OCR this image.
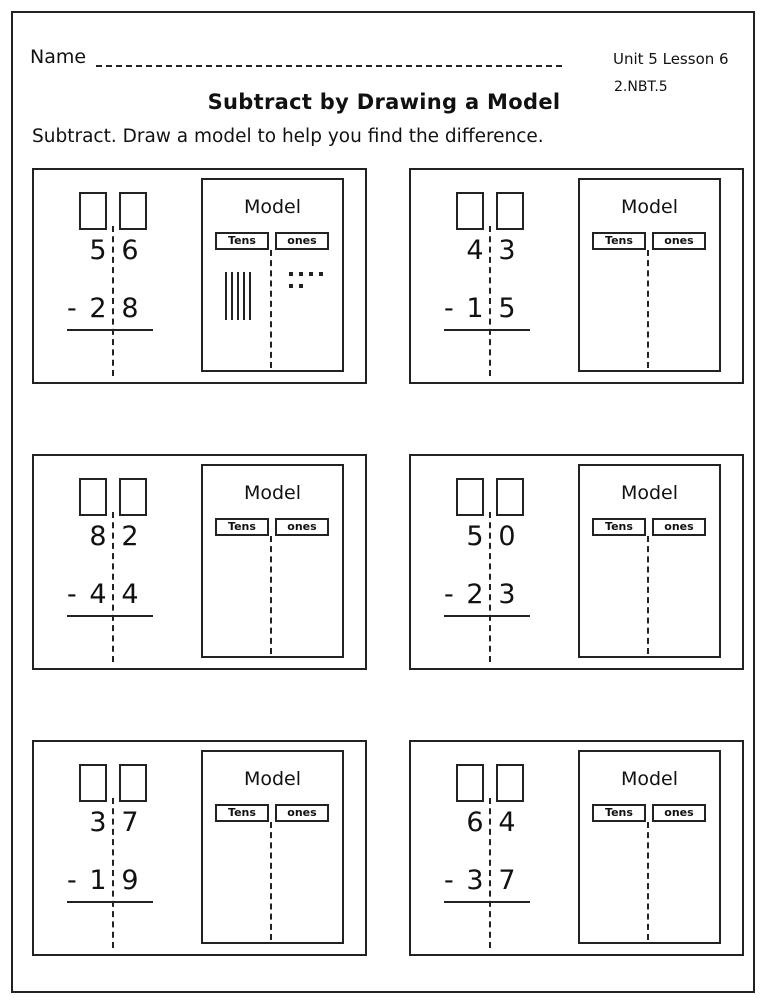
Name	Unit 5 Lesson 6
2.NBT.5
Subtract by Drawing a Model
Subtract. Draw a model to help you find the difference.
5 6
- 2 8
Model
Tens	ones	4 3
- 1 5
Model
Tens	ones
8 2
- 4 4
Model
Tens	ones	5 0
- 2 3
Model
Tens	ones
3 7
- 1 9
Model
Tens	ones	6 4
- 3 7
Model
Tens	ones
